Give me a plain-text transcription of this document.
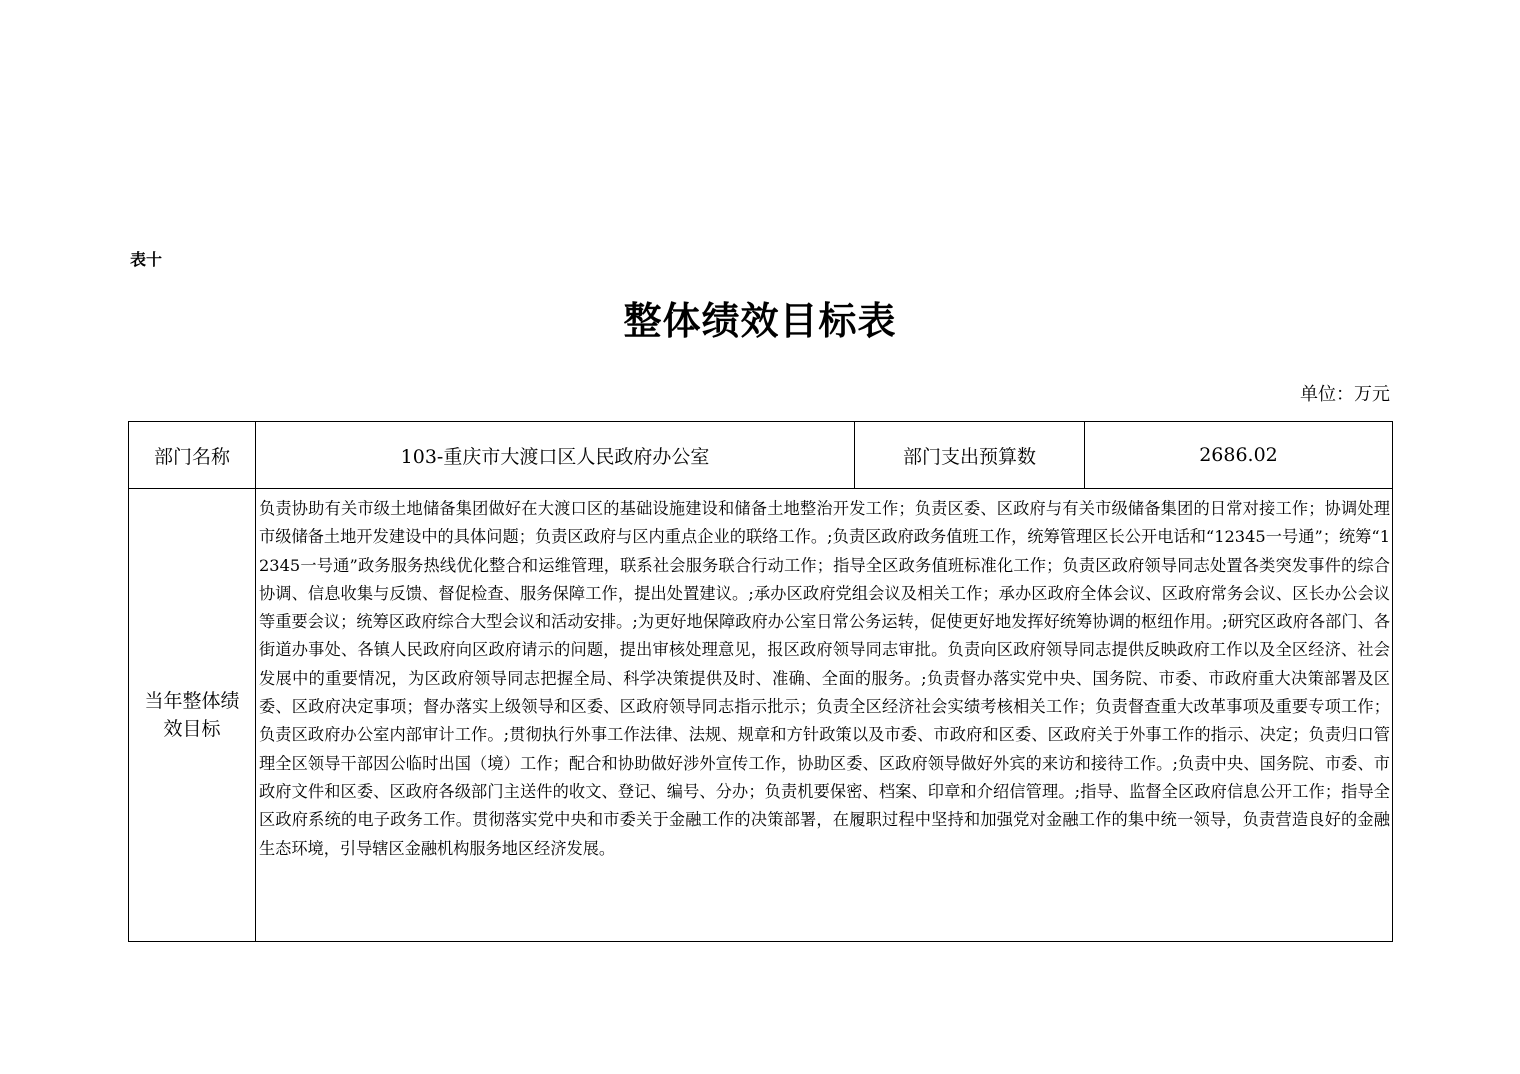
表十
整体绩效目标表
单位：万元
部门名称	103-重庆市大渡口区人民政府办公室	部门支出预算数	2686.02

当年整体绩效目标	负责协助有关市级土地储备集团做好在大渡口区的基础设施建设和储备土地整治开发工作；负责区委、区政府与有关市级储备集团的日常对接工作；协调处理市级储备土地开发建设中的具体问题；负责区政府与区内重点企业的联络工作。;负责区政府政务值班工作，统筹管理区长公开电话和“12345一号通”；统筹“12345一号通”政务服务热线优化整合和运维管理，联系社会服务联合行动工作；指导全区政务值班标准化工作；负责区政府领导同志处置各类突发事件的综合协调、信息收集与反馈、督促检查、服务保障工作，提出处置建议。;承办区政府党组会议及相关工作；承办区政府全体会议、区政府常务会议、区长办公会议等重要会议；统筹区政府综合大型会议和活动安排。;为更好地保障政府办公室日常公务运转，促使更好地发挥好统筹协调的枢纽作用。;研究区政府各部门、各街道办事处、各镇人民政府向区政府请示的问题，提出审核处理意见，报区政府领导同志审批。负责向区政府领导同志提供反映政府工作以及全区经济、社会发展中的重要情况，为区政府领导同志把握全局、科学决策提供及时、准确、全面的服务。;负责督办落实党中央、国务院、市委、市政府重大决策部署及区委、区政府决定事项；督办落实上级领导和区委、区政府领导同志指示批示；负责全区经济社会实绩考核相关工作；负责督查重大改革事项及重要专项工作；负责区政府办公室内部审计工作。;贯彻执行外事工作法律、法规、规章和方针政策以及市委、市政府和区委、区政府关于外事工作的指示、决定；负责归口管理全区领导干部因公临时出国（境）工作；配合和协助做好涉外宣传工作，协助区委、区政府领导做好外宾的来访和接待工作。;负责中央、国务院、市委、市政府文件和区委、区政府各级部门主送件的收文、登记、编号、分办；负责机要保密、档案、印章和介绍信管理。;指导、监督全区政府信息公开工作；指导全区政府系统的电子政务工作。贯彻落实党中央和市委关于金融工作的决策部署，在履职过程中坚持和加强党对金融工作的集中统一领导，负责营造良好的金融生态环境，引导辖区金融机构服务地区经济发展。		
